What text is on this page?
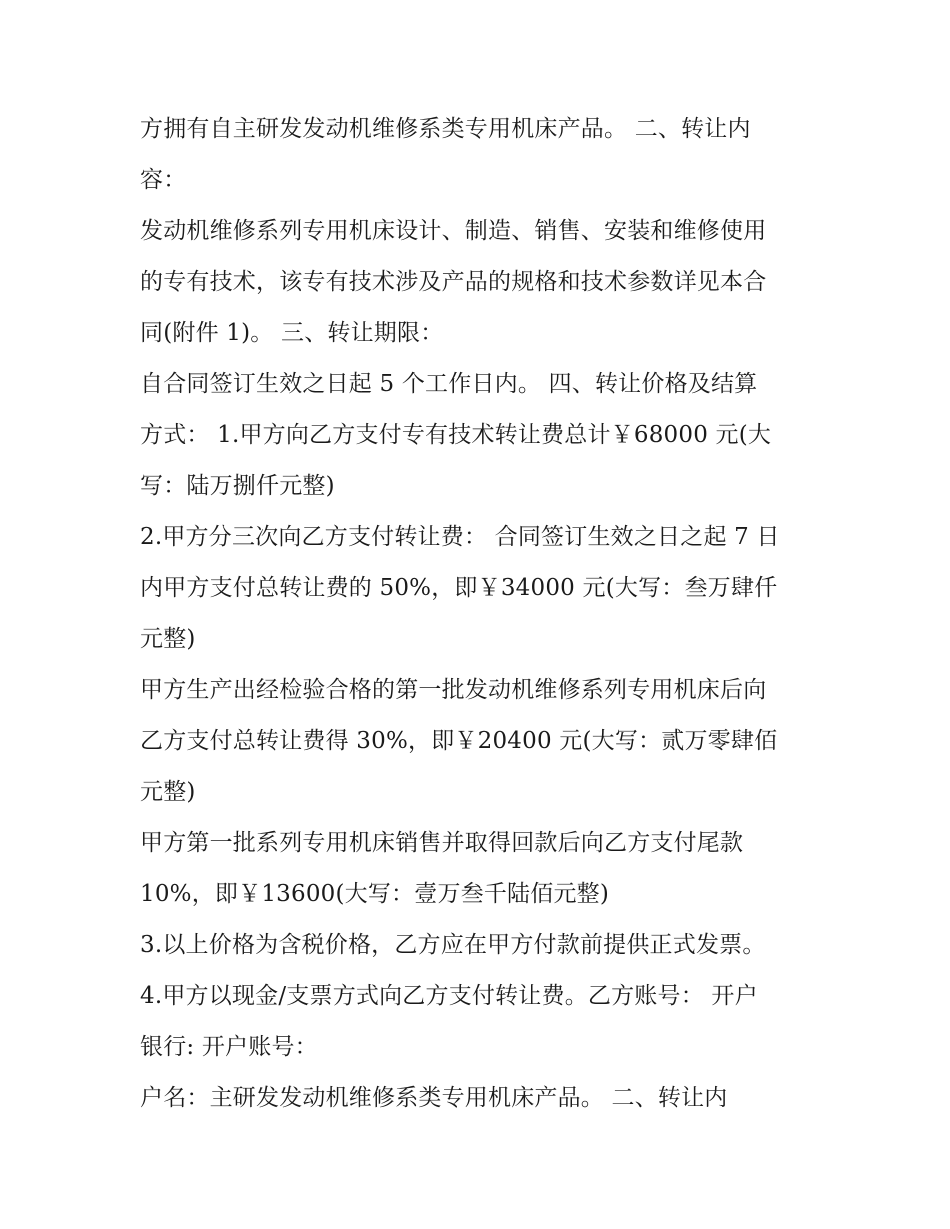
方拥有自主研发发动机维修系类专用机床产品。 二、转让内
容：
发动机维修系列专用机床设计、制造、销售、安装和维修使用
的专有技术，该专有技术涉及产品的规格和技术参数详见本合
同(附件 1)。 三、转让期限：
自合同签订生效之日起 5 个工作日内。 四、转让价格及结算
方式： 1.甲方向乙方支付专有技术转让费总计￥68000 元(大
写：陆万捌仟元整)
2.甲方分三次向乙方支付转让费： 合同签订生效之日之起 7 日
内甲方支付总转让费的 50%，即￥34000 元(大写：叁万肆仟
元整)
甲方生产出经检验合格的第一批发动机维修系列专用机床后向
乙方支付总转让费得 30%，即￥20400 元(大写：贰万零肆佰
元整)
甲方第一批系列专用机床销售并取得回款后向乙方支付尾款
10%，即￥13600(大写：壹万叁千陆佰元整)
3.以上价格为含税价格，乙方应在甲方付款前提供正式发票。
4.甲方以现金/支票方式向乙方支付转让费。乙方账号： 开户
银行: 开户账号：
户名：主研发发动机维修系类专用机床产品。 二、转让内
